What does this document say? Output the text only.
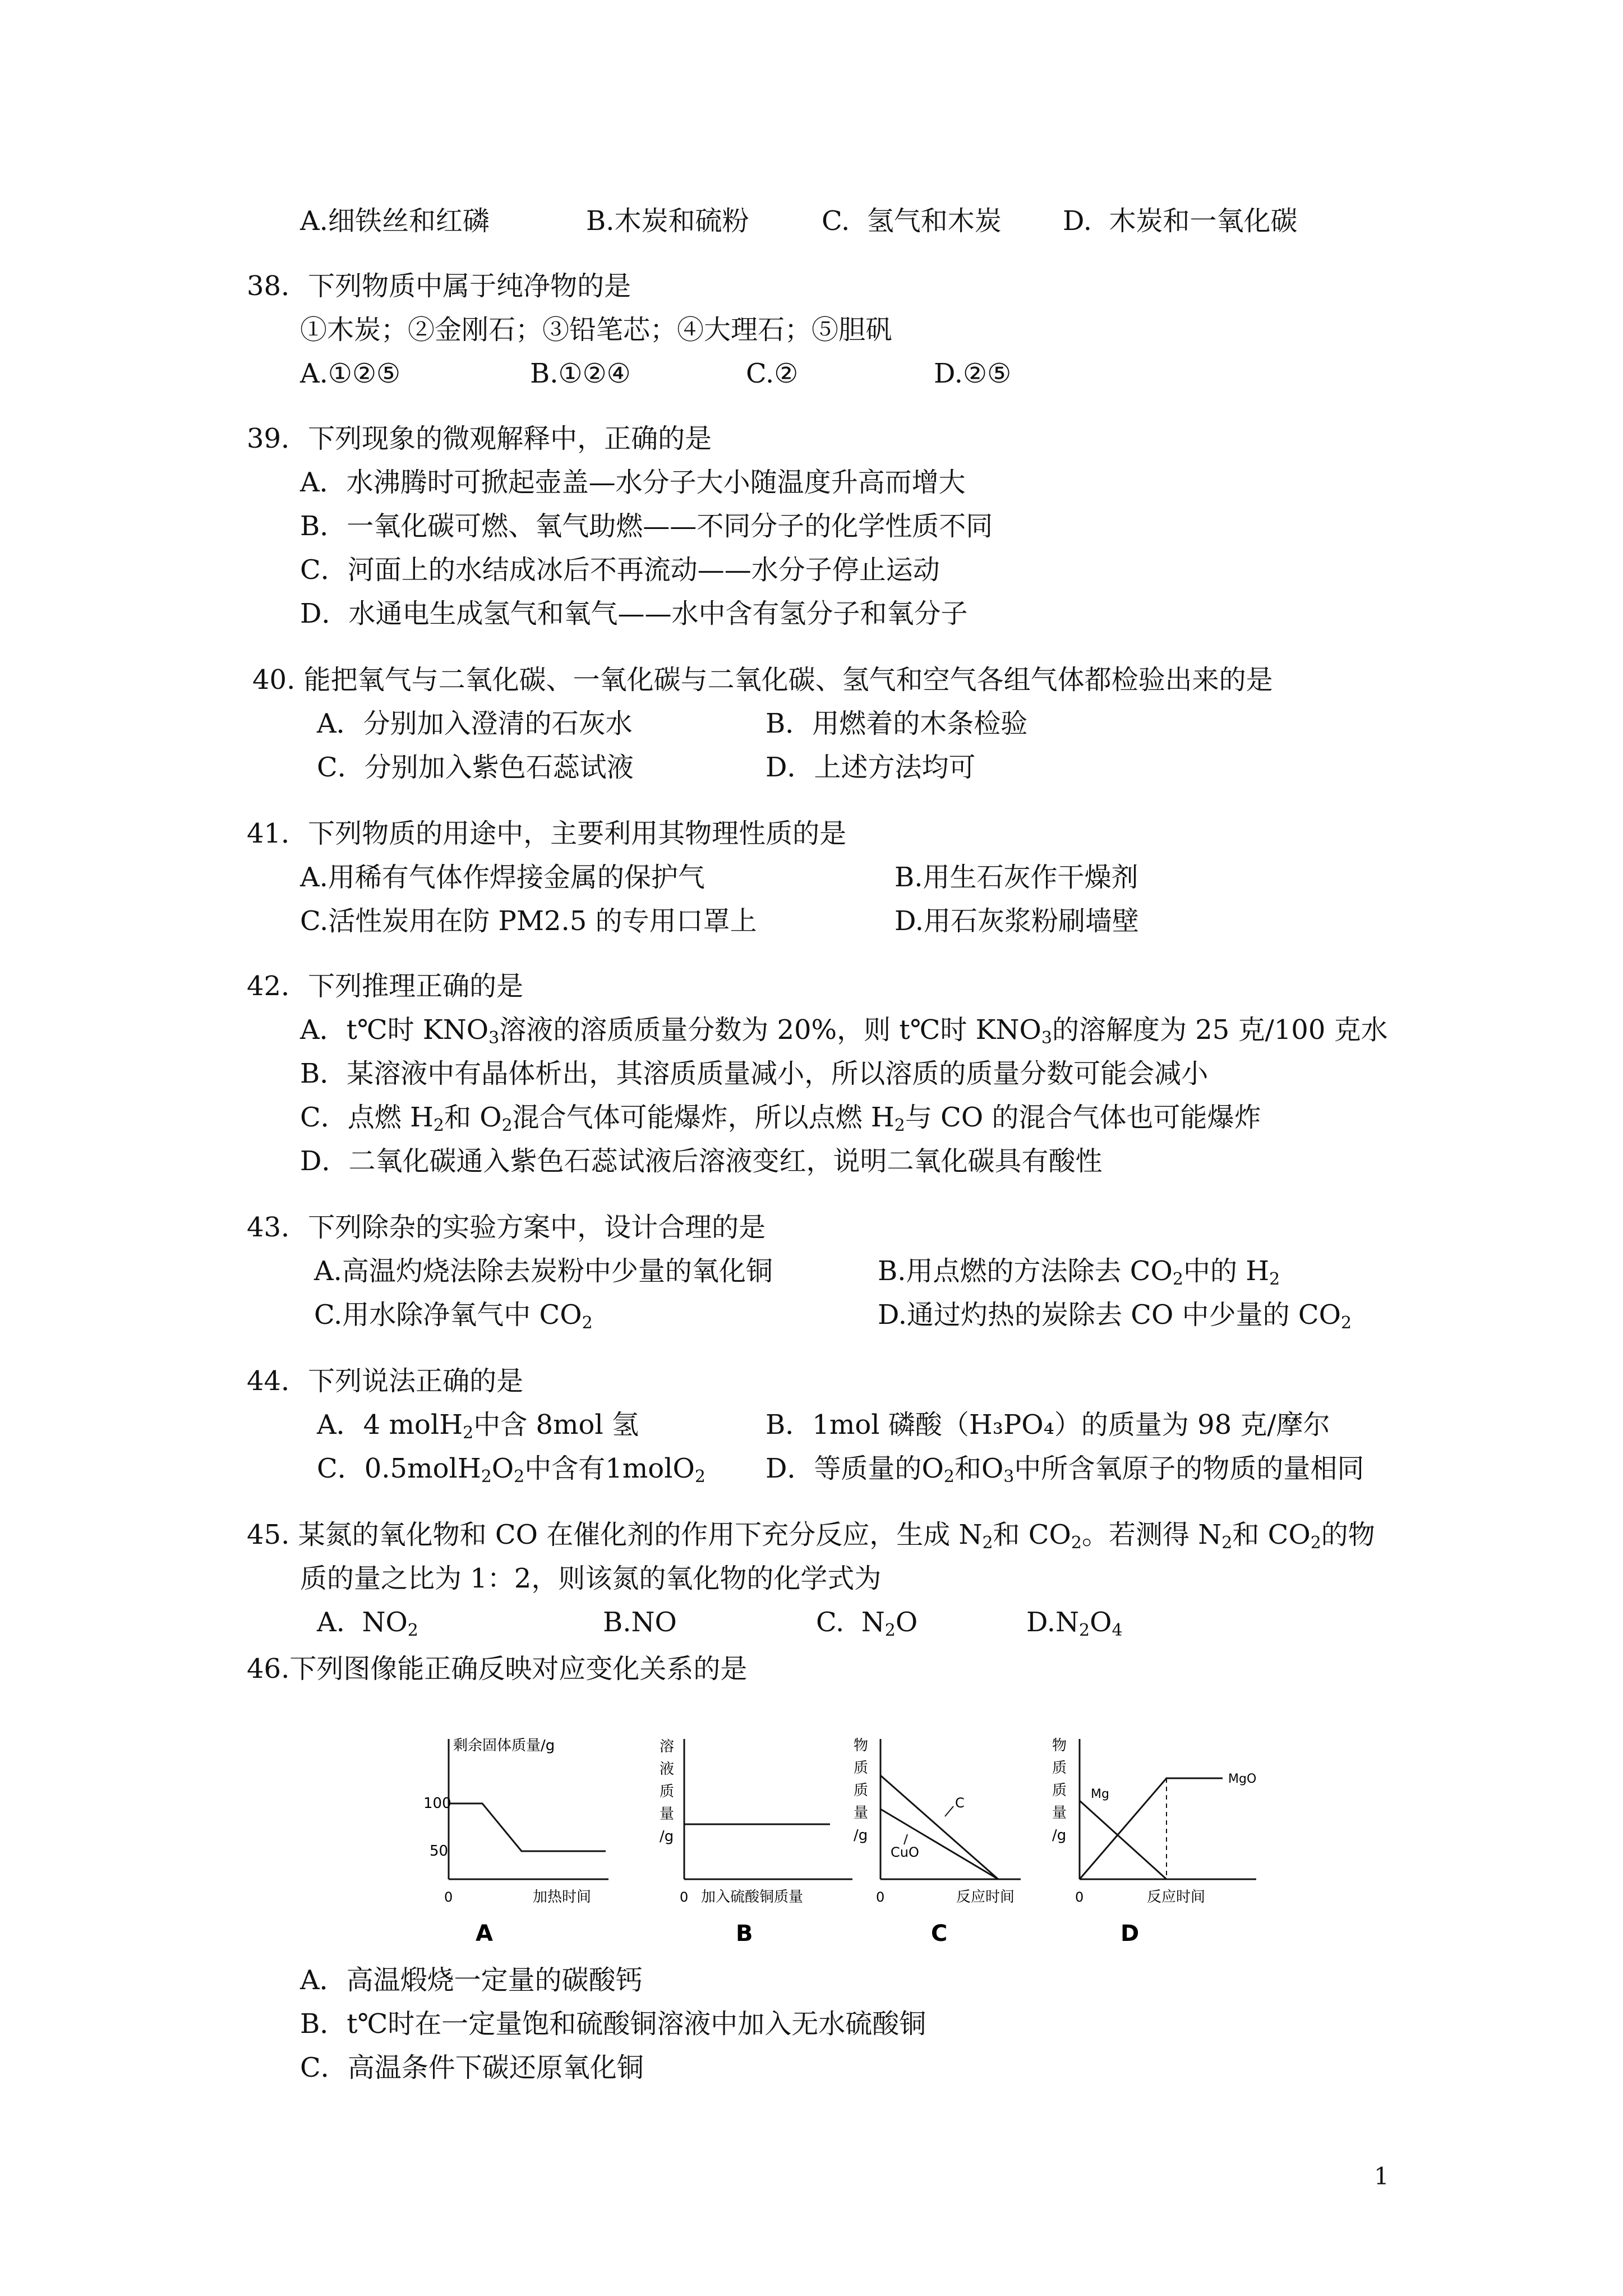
A.细铁丝和红磷	B.木炭和硫粉	C.  氢气和木炭 D.  木炭和一氧化碳
38．下列物质中属于纯净物的是
①木炭；②金刚石；③铅笔芯；④大理石；⑤胆矾
A.①②⑤	B.①②④	C.②	D.②⑤
39．下列现象的微观解释中，正确的是
A．水沸腾时可掀起壶盖—水分子大小随温度升高而增大
B．一氧化碳可燃、氧气助燃——不同分子的化学性质不同
C．河面上的水结成冰后不再流动——水分子停止运动
D．水通电生成氢气和氧气——水中含有氢分子和氧分子
40. 能把氧气与二氧化碳、一氧化碳与二氧化碳、氢气和空气各组气体都检验出来的是
A．分别加入澄清的石灰水	B．用燃着的木条检验
C．分别加入紫色石蕊试液	D．上述方法均可
41．下列物质的用途中，主要利用其物理性质的是
A.用稀有气体作焊接金属的保护气	B.用生石灰作干燥剂
C.活性炭用在防 PM2.5 的专用口罩上	D.用石灰浆粉刷墙壁
42．下列推理正确的是
A．t℃时 $KNO_3$溶液的溶质质量分数为 20%，则 t℃时 $KNO_3$的溶解度为 25 克/100 克水
B．某溶液中有晶体析出，其溶质质量减小，所以溶质的质量分数可能会减小
C．点燃 $H_2$和 $O_2$混合气体可能爆炸，所以点燃 $H_2$与 CO 的混合气体也可能爆炸
D．二氧化碳通入紫色石蕊试液后溶液变红，说明二氧化碳具有酸性
43．下列除杂的实验方案中，设计合理的是
A.高温灼烧法除去炭粉中少量的氧化铜	B.用点燃的方法除去 $CO_2$中的 $H_2$
C.用水除净氧气中 $CO_2$	D.通过灼热的炭除去 CO 中少量的 $CO_2$
44．下列说法正确的是
A．4 molH$_2$中含 8mol 氢	B．1mol 磷酸（H₃PO₄）的质量为 98 克/摩尔
C．$0.5molH_2O_2$中含有1molO$_2$ D．等质量的$O_2$和$O_3$中所含氧原子的物质的量相同
45. 某氮的氧化物和 CO 在催化剂的作用下充分反应，生成 $N_2$和 $CO_2$。若测得 $N_2$和 $CO_2$的物
质的量之比为 1：2，则该氮的氧化物的化学式为
A.  $NO_2$	B.NO	C.  $N_2O$	$D.N_2O_4$
46.下列图像能正确反映对应变化关系的是
剩余固体质量/g
100
50
0	加热时间
A
溶
液
质
量
/g
0 加入硫酸铜质量
B
物
质
质
量
/g
C
CuO
0	反应时间
C
物
质
质
量
/g
Mg
MgO
0	反应时间
D
A．高温煅烧一定量的碳酸钙
B．t℃时在一定量饱和硫酸铜溶液中加入无水硫酸铜
C．高温条件下碳还原氧化铜
1
